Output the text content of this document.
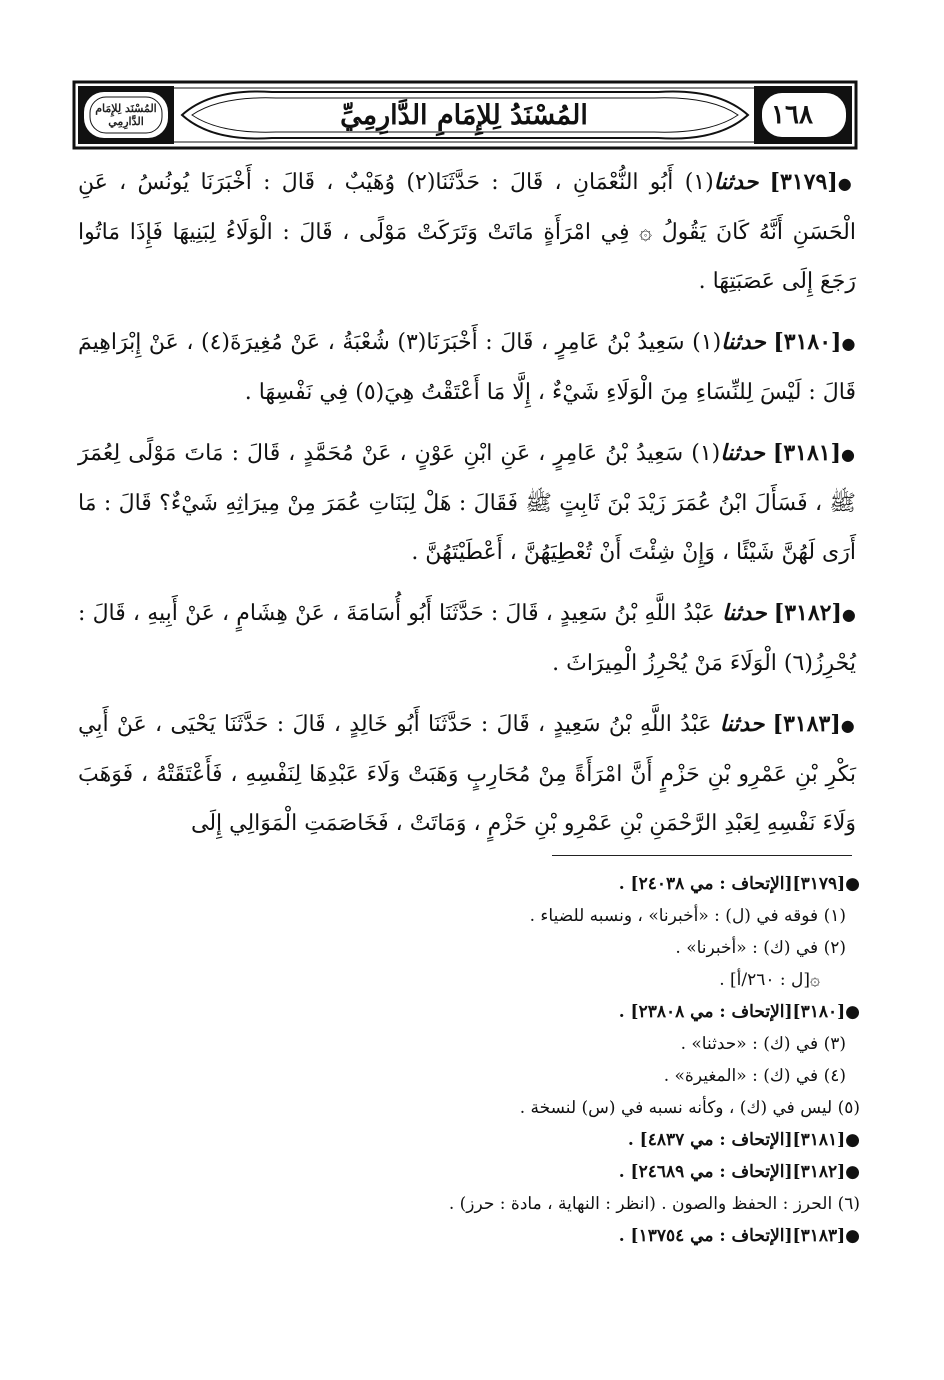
المُسْنَد لِلإِمَام الدَّارِمِي	المُسْنَدُ لِلإِمَامِ الدَّارِمِيِّ	١٦٨

●[٣١٧٩] حدثنا(١) أَبُو النُّعْمَانِ ، قَالَ : حَدَّثَنَا(٢) وُهَيْبٌ ، قَالَ : أَخْبَرَنَا يُونُسُ ، عَنِ الْحَسَنِ أَنَّهُ كَانَ يَقُولُ ۞ فِي امْرَأَةٍ مَاتَتْ وَتَرَكَتْ مَوْلًى ، قَالَ : الْوَلَاءُ لِبَنِيهَا فَإِذَا مَاتُوا رَجَعَ إِلَى عَصَبَتِهَا .

●[٣١٨٠] حدثنا(١) سَعِيدُ بْنُ عَامِرٍ ، قَالَ : أَخْبَرَنَا(٣) شُعْبَةُ ، عَنْ مُغِيرَةَ(٤) ، عَنْ إِبْرَاهِيمَ قَالَ : لَيْسَ لِلنِّسَاءِ مِنَ الْوَلَاءِ شَيْءٌ ، إِلَّا مَا أَعْتَقْتُ هِيَ(٥) فِي نَفْسِهَا .

●[٣١٨١] حدثنا(١) سَعِيدُ بْنُ عَامِرٍ ، عَنِ ابْنِ عَوْنٍ ، عَنْ مُحَمَّدٍ ، قَالَ : مَاتَ مَوْلًى لِعُمَرَ ﷺ ، فَسَأَلَ ابْنُ عُمَرَ زَيْدَ بْنَ ثَابِتٍ ﷺ فَقَالَ : هَلْ لِبَنَاتِ عُمَرَ مِنْ مِيرَاثِهِ شَيْءٌ؟ قَالَ : مَا أَرَى لَهُنَّ شَيْئًا ، وَإِنْ شِئْتَ أَنْ تُعْطِيَهُنَّ ، أَعْطَيْتَهُنَّ .

●[٣١٨٢] حدثنا عَبْدُ اللَّهِ بْنُ سَعِيدٍ ، قَالَ : حَدَّثَنَا أَبُو أُسَامَةَ ، عَنْ هِشَامٍ ، عَنْ أَبِيهِ ، قَالَ : يُحْرِزُ(٦) الْوَلَاءَ مَنْ يُحْرِزُ الْمِيرَاثَ .

●[٣١٨٣] حدثنا عَبْدُ اللَّهِ بْنُ سَعِيدٍ ، قَالَ : حَدَّثَنَا أَبُو خَالِدٍ ، قَالَ : حَدَّثَنَا يَحْيَى ، عَنْ أَبِي بَكْرِ بْنِ عَمْرِو بْنِ حَزْمٍ أَنَّ امْرَأَةً مِنْ مُحَارِبٍ وَهَبَتْ وَلَاءَ عَبْدِهَا لِنَفْسِهِ ، فَأَعْتَقَتْهُ ، فَوَهَبَ وَلَاءَ نَفْسِهِ لِعَبْدِ الرَّحْمَنِ بْنِ عَمْرِو بْنِ حَزْمٍ ، وَمَاتَتْ ، فَخَاصَمَتِ الْمَوَالِي إِلَى

●[٣١٧٩][الإتحاف : مي ٢٤٠٣٨] .

(١) فوقه في (ل) : «أخبرنا» ، ونسبه للضياء .

(٢) في (ك) : «أخبرنا» .

۞[ل : ٢٦٠/أ] .

●[٣١٨٠][الإتحاف : مي ٢٣٨٠٨] .

(٣) في (ك) : «حدثنا» .

(٤) في (ك) : «المغيرة» .

(٥) ليس في (ك) ، وكأنه نسبه في (س) لنسخة .

●[٣١٨١][الإتحاف : مي ٤٨٣٧] .

●[٣١٨٢][الإتحاف : مي ٢٤٦٨٩] .

(٦) الحرز : الحفظ والصون . (انظر : النهاية ، مادة : حرز) .

●[٣١٨٣][الإتحاف : مي ١٣٧٥٤] .
